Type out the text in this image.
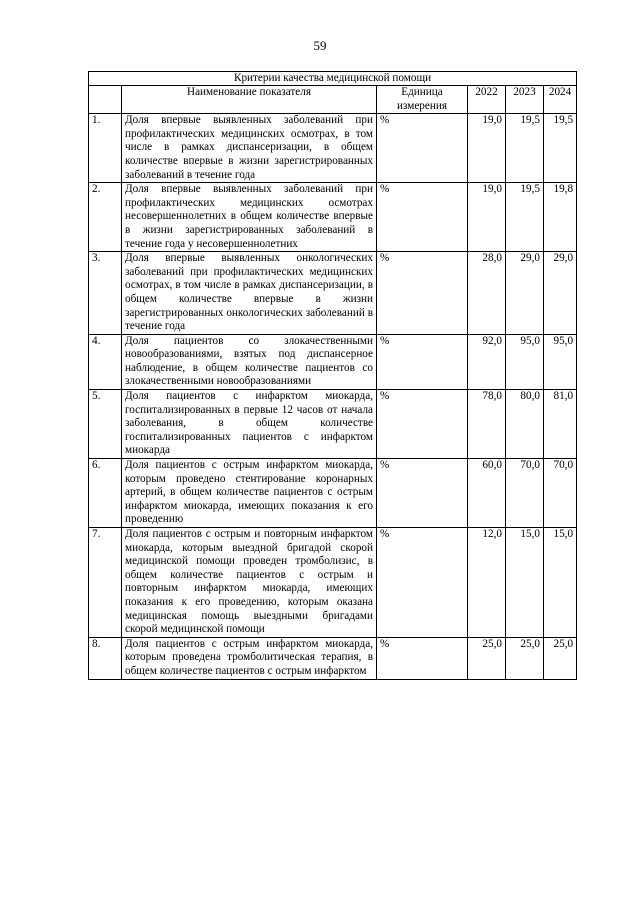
59
Критерии качества медицинской помощи					
	Наименование показателя	Единица измерения	2022	2023	2024
1.	Доля впервые выявленных заболеваний при профилактических медицинских осмотрах, в том числе в рамках диспансеризации, в общем количестве впервые в жизни зарегистрированных заболеваний в течение года	%	19,0	19,5	19,5
2.	Доля впервые выявленных заболеваний при профилактических медицинских осмотрах несовершеннолетних в общем количестве впервые в жизни зарегистрированных заболеваний в течение года у несовершеннолетних	%	19,0	19,5	19,8
3.	Доля впервые выявленных онкологических заболеваний при профилактических медицинских осмотрах, в том числе в рамках диспансеризации, в общем количестве впервые в жизни зарегистрированных онкологических заболеваний в течение года	%	28,0	29,0	29,0
4.	Доля пациентов со злокачественными новообразованиями, взятых под диспансерное наблюдение, в общем количестве пациентов со злокачественными новообразованиями	%	92,0	95,0	95,0
5.	Доля пациентов с инфарктом миокарда, госпитализированных в первые 12 часов от начала заболевания, в общем количестве госпитализированных пациентов с инфарктом миокарда	%	78,0	80,0	81,0
6.	Доля пациентов с острым инфарктом миокарда, которым проведено стентирование коронарных артерий, в общем количестве пациентов с острым инфарктом миокарда, имеющих показания к его проведению	%	60,0	70,0	70,0
7.	Доля пациентов с острым и повторным инфарктом миокарда, которым выездной бригадой скорой медицинской помощи проведен тромболизис, в общем количестве пациентов с острым и повторным инфарктом миокарда, имеющих показания к его проведению, которым оказана медицинская помощь выездными бригадами скорой медицинской помощи	%	12,0	15,0	15,0
8.	Доля пациентов с острым инфарктом миокарда, которым проведена тромболитическая терапия, в общем количестве пациентов с острым инфарктом	%	25,0	25,0	25,0
